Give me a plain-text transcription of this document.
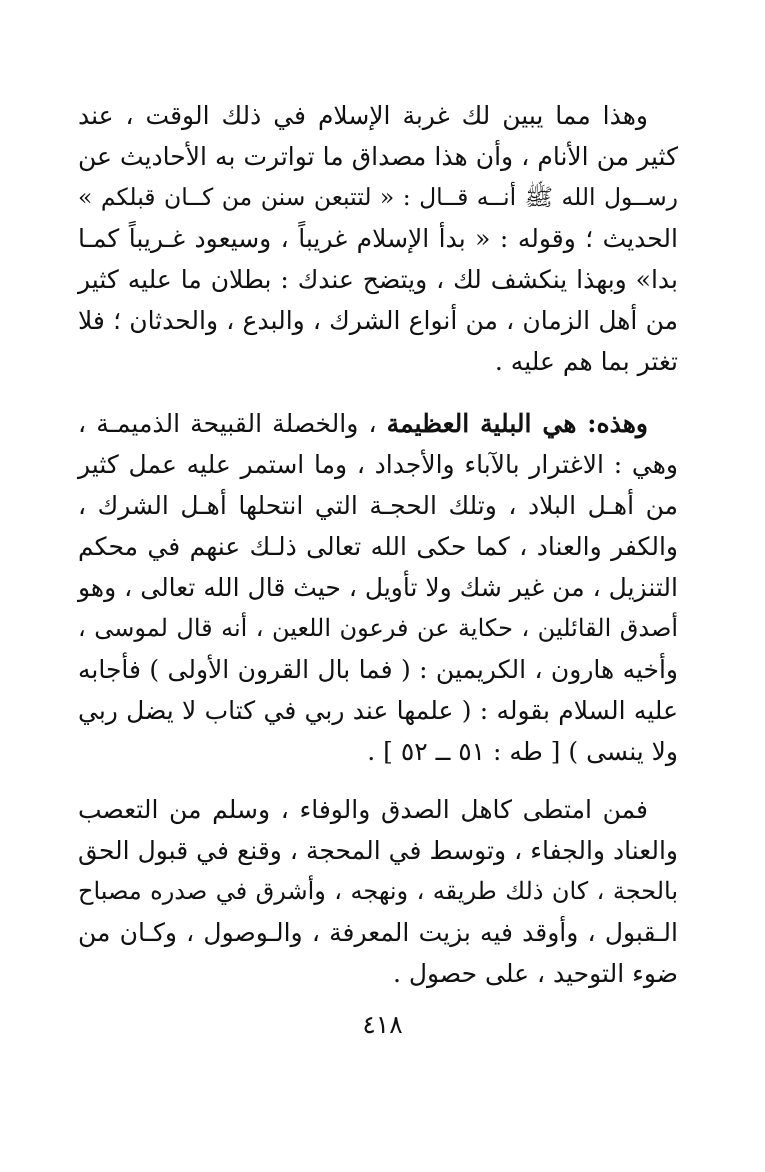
وهذا مما يبين لك غربة الإسلام في ذلك الوقت ، عند
كثير من الأنام ، وأن هذا مصداق ما تواترت به الأحاديث عن
رســول الله ﷺ أنــه قــال : « لتتبعن سنن من كــان قبلكم »
الحديث ؛ وقوله : « بدأ الإسلام غريباً ، وسيعود غـريباً كمـا
بدا» وبهذا ينكشف لك ، ويتضح عندك : بطلان ما عليه كثير
من أهل الزمان ، من أنواع الشرك ، والبدع ، والحدثان ؛ فلا
تغتر بما هم عليه .
وهذه: هي البلية العظيمة ، والخصلة القبيحة الذميمـة ،
وهي : الاغترار بالآباء والأجداد ، وما استمر عليه عمل كثير
من أهـل البلاد ، وتلك الحجـة التي انتحلها أهـل الشرك ،
والكفر والعناد ، كما حكى الله تعالى ذلـك عنهم في محكم
التنزيل ، من غير شك ولا تأويل ، حيث قال الله تعالى ، وهو
أصدق القائلين ، حكاية عن فرعون اللعين ، أنه قال لموسى ،
وأخيه هارون ، الكريمين : ( فما بال القرون الأولى ) فأجابه
عليه السلام بقوله : ( علمها عند ربي في كتاب لا يضل ربي
ولا ينسى ) [ طه : ٥١ ــ ٥٢ ] .
فمن امتطى كاهل الصدق والوفاء ، وسلم من التعصب
والعناد والجفاء ، وتوسط في المحجة ، وقنع في قبول الحق
بالحجة ، كان ذلك طريقه ، ونهجه ، وأشرق في صدره مصباح
الـقبول ، وأوقد فيه بزيت المعرفة ، والـوصول ، وكـان من
ضوء التوحيد ، على حصول .
٤١٨
